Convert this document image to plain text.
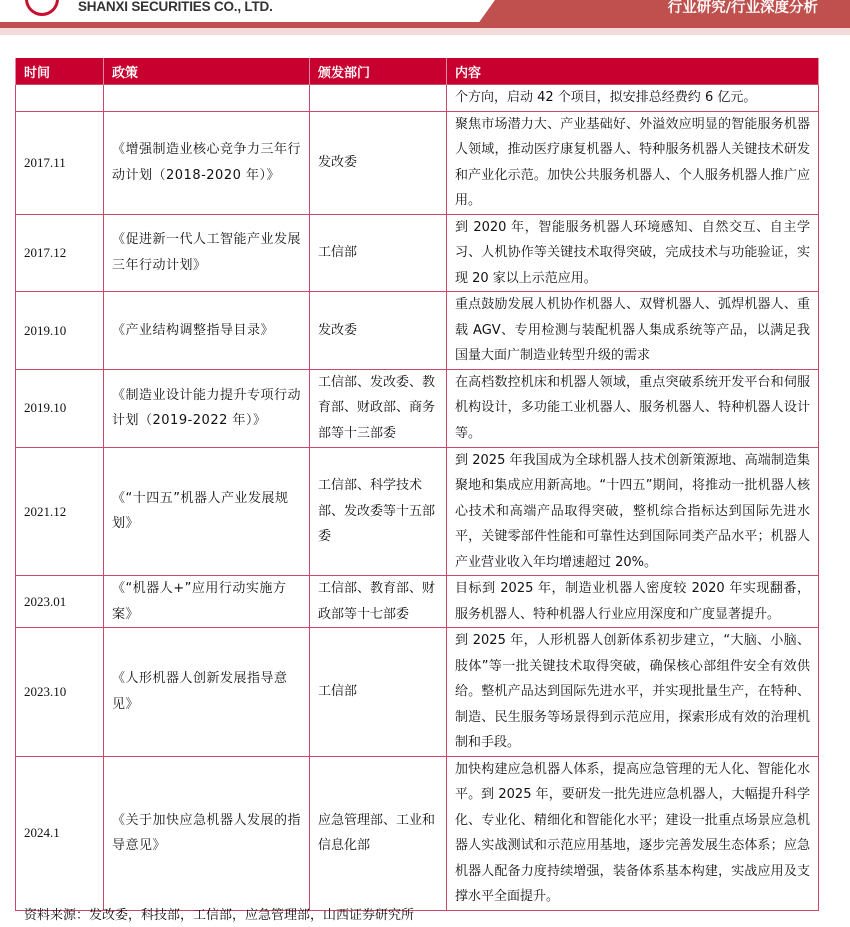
SHANXI SECURITIES CO., LTD.	行业研究/行业深度分析
时间	政策	颁发部门	内容
			个方向，启动 42 个项目，拟安排总经费约 6 亿元。
2017.11	《增强制造业核心竞争力三年行动计划（2018-2020 年）》	发改委	聚焦市场潜力大、产业基础好、外溢效应明显的智能服务机器人领域，推动医疗康复机器人、特种服务机器人关键技术研发和产业化示范。加快公共服务机器人、个人服务机器人推广应用。
2017.12	《促进新一代人工智能产业发展三年行动计划》	工信部	到 2020 年，智能服务机器人环境感知、自然交互、自主学习、人机协作等关键技术取得突破，完成技术与功能验证，实现 20 家以上示范应用。
2019.10	《产业结构调整指导目录》	发改委	重点鼓励发展人机协作机器人、双臂机器人、弧焊机器人、重载 AGV、专用检测与装配机器人集成系统等产品，以满足我国量大面广制造业转型升级的需求
2019.10	《制造业设计能力提升专项行动计划（2019-2022 年）》	工信部、发改委、教育部、财政部、商务部等十三部委	在高档数控机床和机器人领域，重点突破系统开发平台和伺服机构设计，多功能工业机器人、服务机器人、特种机器人设计等。
2021.12	《“十四五”机器人产业发展规划》	工信部、科学技术部、发改委等十五部委	到 2025 年我国成为全球机器人技术创新策源地、高端制造集聚地和集成应用新高地。“十四五”期间，将推动一批机器人核心技术和高端产品取得突破，整机综合指标达到国际先进水平，关键零部件性能和可靠性达到国际同类产品水平；机器人产业营业收入年均增速超过 20%。
2023.01	《“机器人+”应用行动实施方案》	工信部、教育部、财政部等十七部委	目标到 2025 年，制造业机器人密度较 2020 年实现翻番，服务机器人、特种机器人行业应用深度和广度显著提升。
2023.10	《人形机器人创新发展指导意见》	工信部	到 2025 年，人形机器人创新体系初步建立，“大脑、小脑、肢体”等一批关键技术取得突破，确保核心部组件安全有效供给。整机产品达到国际先进水平，并实现批量生产，在特种、制造、民生服务等场景得到示范应用，探索形成有效的治理机制和手段。
2024.1	《关于加快应急机器人发展的指导意见》	应急管理部、工业和信息化部	加快构建应急机器人体系，提高应急管理的无人化、智能化水平。到 2025 年，要研发一批先进应急机器人，大幅提升科学化、专业化、精细化和智能化水平；建设一批重点场景应急机器人实战测试和示范应用基地，逐步完善发展生态体系；应急机器人配备力度持续增强，装备体系基本构建，实战应用及支撑水平全面提升。
资料来源：发改委，科技部，工信部，应急管理部，山西证券研究所
